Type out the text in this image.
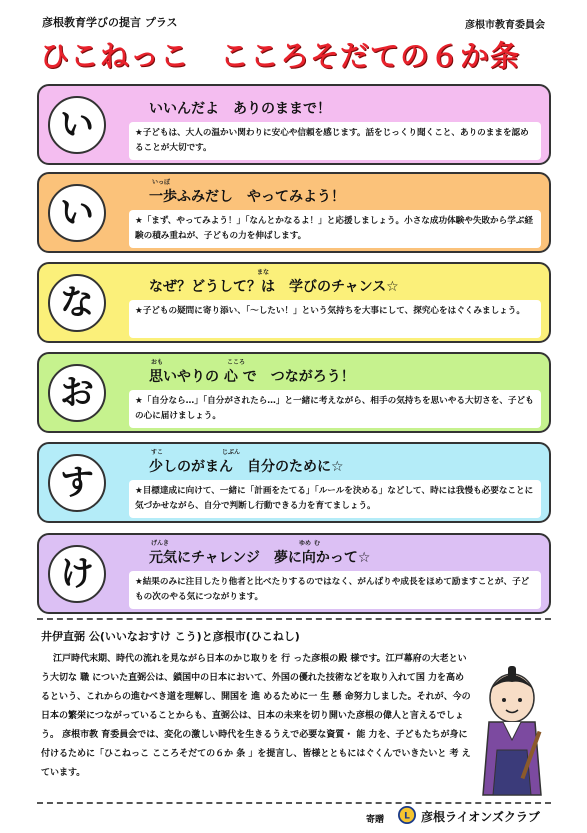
彦根教育学びの提言 プラス	彦根市教育委員会
ひこねっこ　こころそだての６か条
い	いいんだよ　ありのままで！
★子どもは、大人の温かい関わりに安心や信頼を感じます。話をじっくり聞くこと、ありのままを認めることが大切です。
い	一歩ふみだし　やってみよう！
いっぽ
★「まず、やってみよう！」「なんとかなるよ！」と応援しましょう。小さな成功体験や失敗から学ぶ経験の積み重ねが、子どもの力を伸ばします。
な	なぜ？どうして？は　学びのチャンス☆
まな
★子どもの疑問に寄り添い、「～したい！」という気持ちを大事にして、探究心をはぐくみましょう。
お	思いやりの 心 で　つながろう！
おも	こころ
★「自分なら…」「自分がされたら…」と一緒に考えながら、相手の気持ちを思いやる大切さを、子どもの心に届けましょう。
す	少しのがまん　自分のために☆
すこ	じぶん
★目標達成に向けて、一緒に「計画をたてる」「ルールを決める」などして、時には我慢も必要なことに気づかせながら、自分で判断し行動できる力を育てましょう。
け	元気にチャレンジ　夢に向かって☆
げんき	ゆめ む
★結果のみに注目したり他者と比べたりするのではなく、がんばりや成長をほめて励ますことが、子どもの次のやる気につながります。
井伊直弼 公(いいなおすけ こう)と彦根市(ひこねし)
江戸時代末期、時代の流れを見ながら日本のかじ取りを 行 った彦根の殿 様です。江戸幕府の大老という大切な 職 についた直弼公は、鎖国中の日本において、外国の優れた技術などを取り入れて国 力を高めるという、これからの進むべき道を理解し、開国を 進 めるために一 生 懸 命努力しました。それが、今の日本の繁栄につながっていることからも、直弼公は、日本の未来を切り開いた彦根の偉人と言えるでしょう。 彦根市教 育委員会では、変化の激しい時代を生きるうえで必要な資質・ 能 力を、子どもたちが身に付けるために「ひこねっこ こころそだての６か 条 」を提言し、皆様とともにはぐくんでいきたいと 考 えています。
寄贈 L 彦根ライオンズクラブ
